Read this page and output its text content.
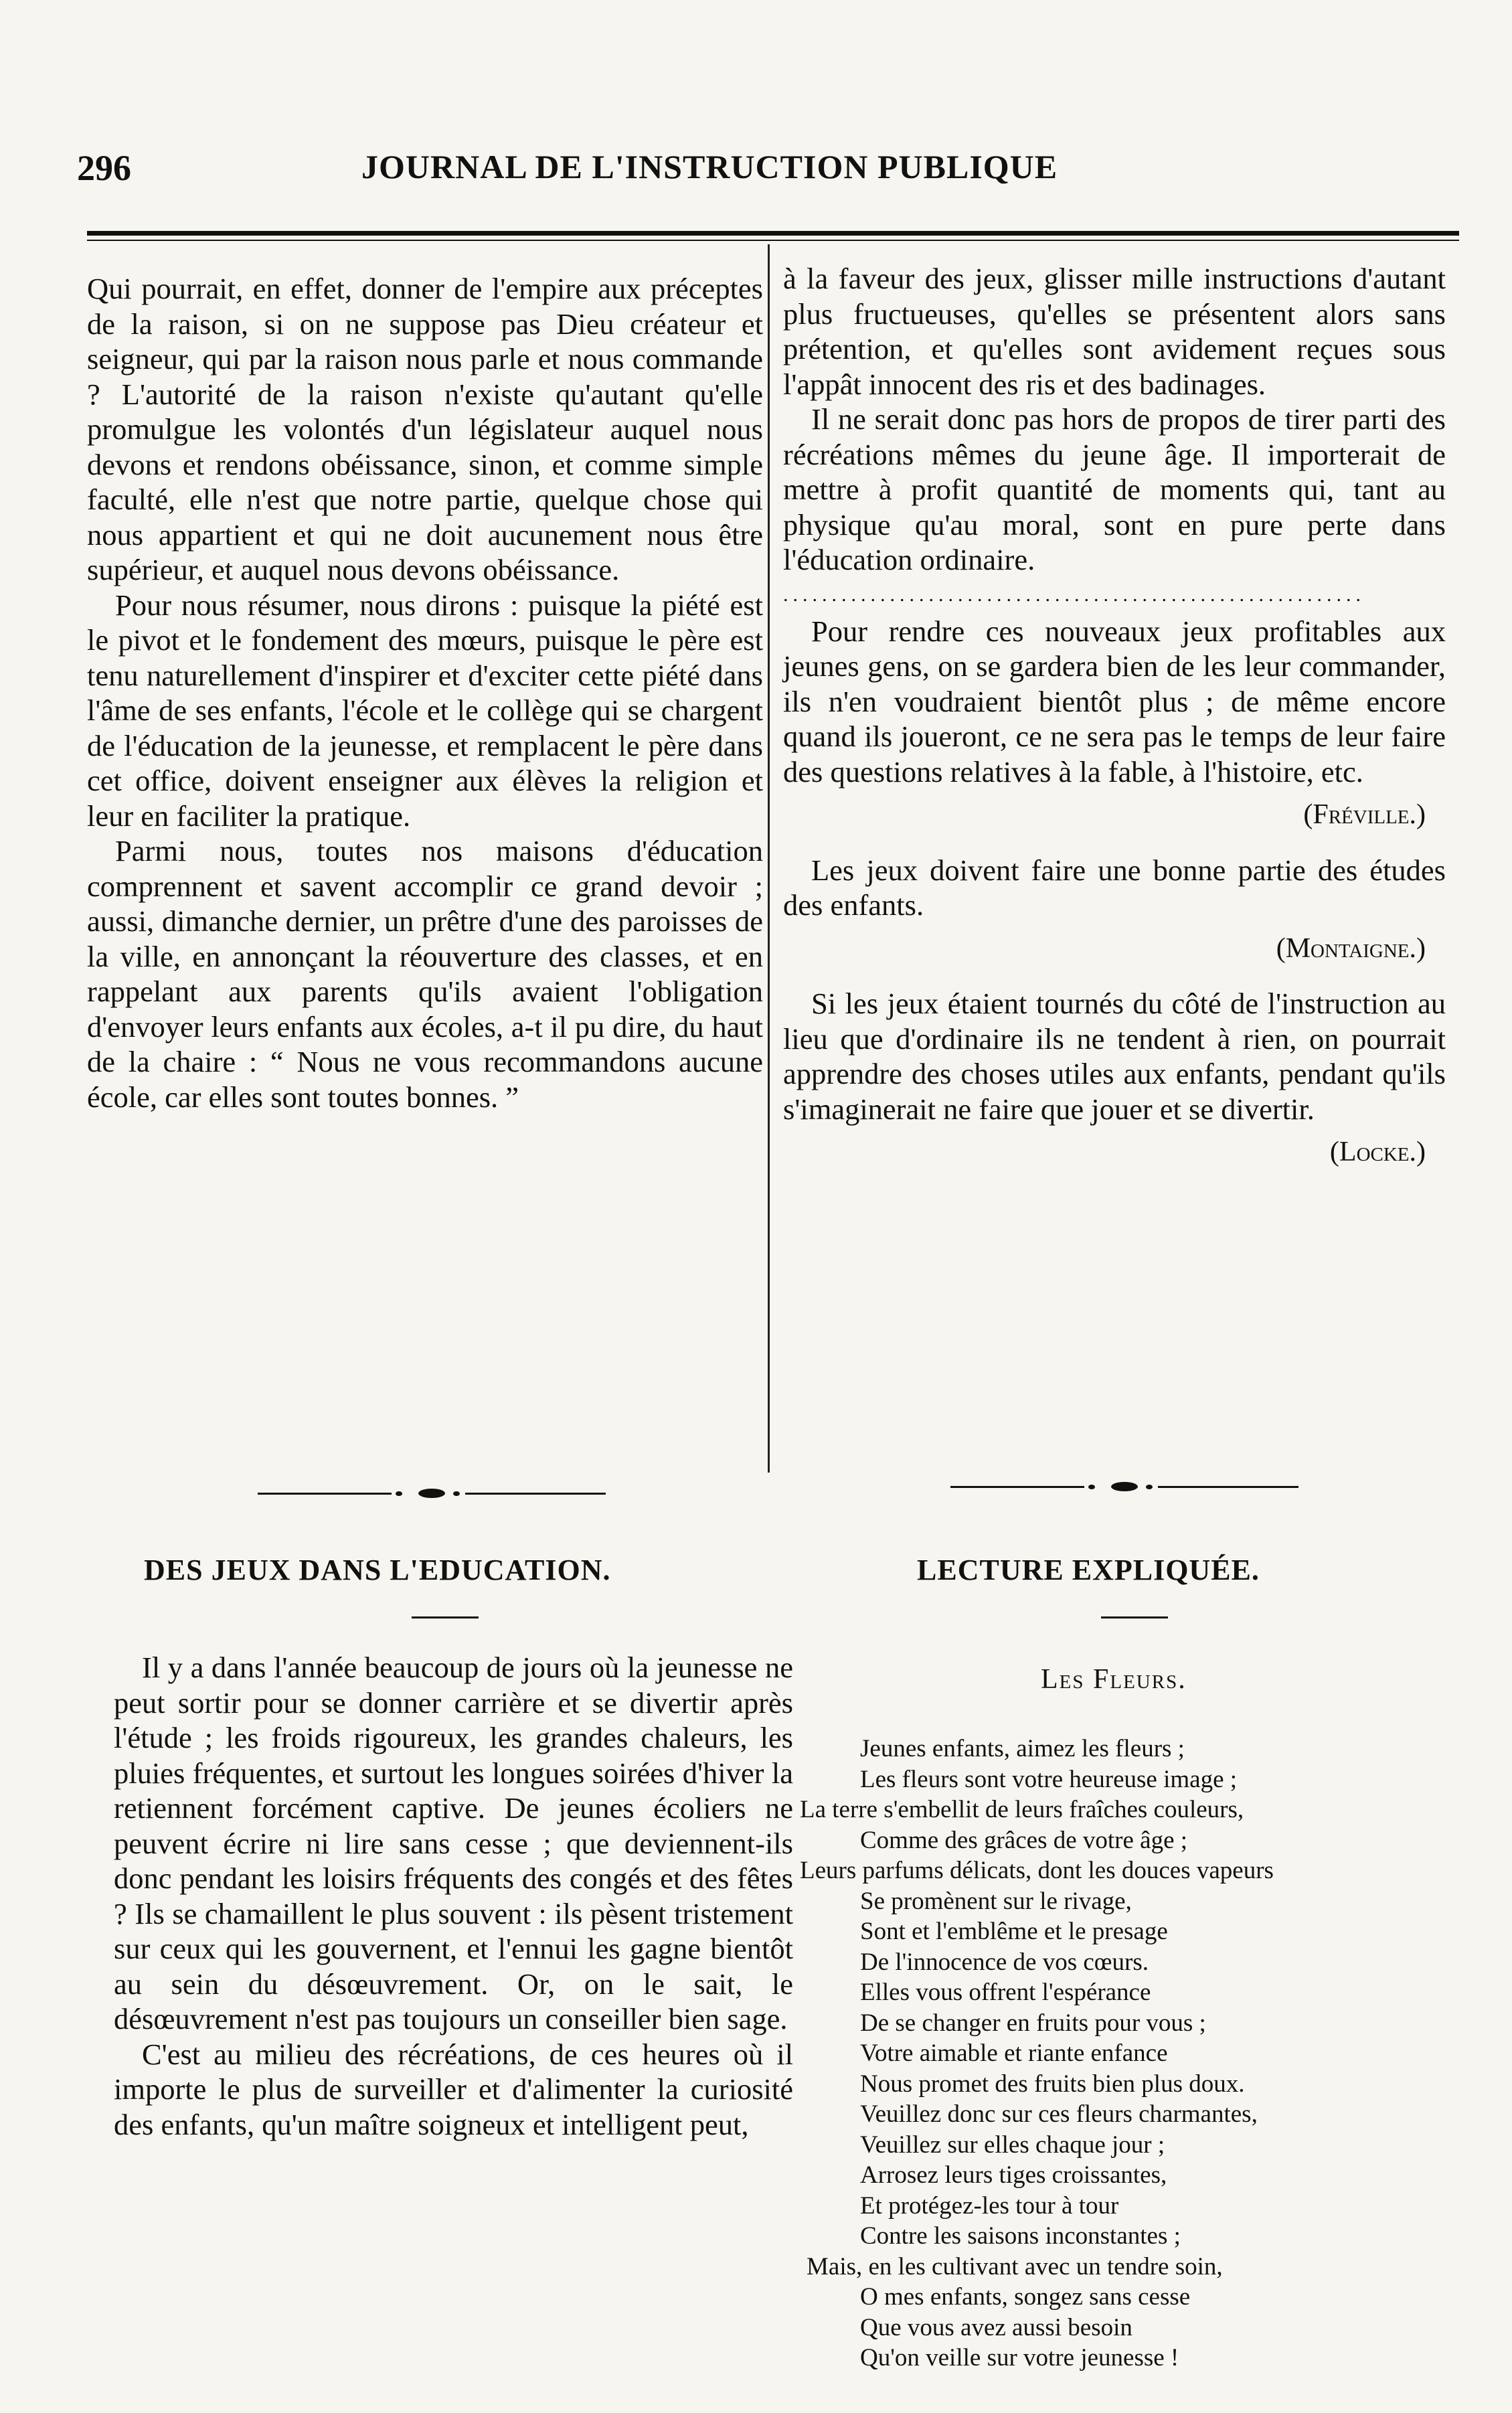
296	JOURNAL DE L'INSTRUCTION PUBLIQUE

Qui pourrait, en effet, donner de l'empire aux préceptes de la raison, si on ne suppose pas Dieu créateur et seigneur, qui par la raison nous parle et nous commande ? L'autorité de la raison n'existe qu'autant qu'elle promulgue les volontés d'un législateur auquel nous devons et rendons obéissance, sinon, et comme simple faculté, elle n'est que notre partie, quelque chose qui nous appartient et qui ne doit aucunement nous être supérieur, et auquel nous devons obéissance.

Pour nous résumer, nous dirons : puisque la piété est le pivot et le fondement des mœurs, puisque le père est tenu naturellement d'inspirer et d'exciter cette piété dans l'âme de ses enfants, l'école et le collège qui se chargent de l'éducation de la jeunesse, et remplacent le père dans cet office, doivent enseigner aux élèves la religion et leur en faciliter la pratique.

Parmi nous, toutes nos maisons d'éducation comprennent et savent accomplir ce grand devoir ; aussi, dimanche dernier, un prêtre d'une des paroisses de la ville, en annonçant la réouverture des classes, et en rappelant aux parents qu'ils avaient l'obligation d'envoyer leurs enfants aux écoles, a-t il pu dire, du haut de la chaire : “ Nous ne vous recommandons aucune école, car elles sont toutes bonnes. ”

à la faveur des jeux, glisser mille instructions d'autant plus fructueuses, qu'elles se présentent alors sans prétention, et qu'elles sont avidement reçues sous l'appât innocent des ris et des badinages.

Il ne serait donc pas hors de propos de tirer parti des récréations mêmes du jeune âge. Il importerait de mettre à profit quantité de moments qui, tant au physique qu'au moral, sont en pure perte dans l'éducation ordinaire.

............................................................

Pour rendre ces nouveaux jeux profitables aux jeunes gens, on se gardera bien de les leur commander, ils n'en voudraient bientôt plus ; de même encore quand ils joueront, ce ne sera pas le temps de leur faire des questions relatives à la fable, à l'histoire, etc.

(Fréville.)

Les jeux doivent faire une bonne partie des études des enfants.

(Montaigne.)

Si les jeux étaient tournés du côté de l'instruction au lieu que d'ordinaire ils ne tendent à rien, on pourrait apprendre des choses utiles aux enfants, pendant qu'ils s'imaginerait ne faire que jouer et se divertir.

(Locke.)

DES JEUX DANS L'EDUCATION.	LECTURE EXPLIQUÉE.

Il y a dans l'année beaucoup de jours où la jeunesse ne peut sortir pour se donner carrière et se divertir après l'étude ; les froids rigoureux, les grandes chaleurs, les pluies fréquentes, et surtout les longues soirées d'hiver la retiennent forcément captive. De jeunes écoliers ne peuvent écrire ni lire sans cesse ; que deviennent-ils donc pendant les loisirs fréquents des congés et des fêtes ? Ils se chamaillent le plus souvent : ils pèsent tristement sur ceux qui les gouvernent, et l'ennui les gagne bientôt au sein du désœuvrement. Or, on le sait, le désœuvrement n'est pas toujours un conseiller bien sage.

C'est au milieu des récréations, de ces heures où il importe le plus de surveiller et d'alimenter la curiosité des enfants, qu'un maître soigneux et intelligent peut,

Les Fleurs.
Jeunes enfants, aimez les fleurs ;
Les fleurs sont votre heureuse image ;
La terre s'embellit de leurs fraîches couleurs,
Comme des grâces de votre âge ;
Leurs parfums délicats, dont les douces vapeurs
Se promènent sur le rivage,
Sont et l'emblême et le presage
De l'innocence de vos cœurs.
Elles vous offrent l'espérance
De se changer en fruits pour vous ;
Votre aimable et riante enfance
Nous promet des fruits bien plus doux.
Veuillez donc sur ces fleurs charmantes,
Veuillez sur elles chaque jour ;
Arrosez leurs tiges croissantes,
Et protégez-les tour à tour
Contre les saisons inconstantes ;
Mais, en les cultivant avec un tendre soin,
O mes enfants, songez sans cesse
Que vous avez aussi besoin
Qu'on veille sur votre jeunesse !
